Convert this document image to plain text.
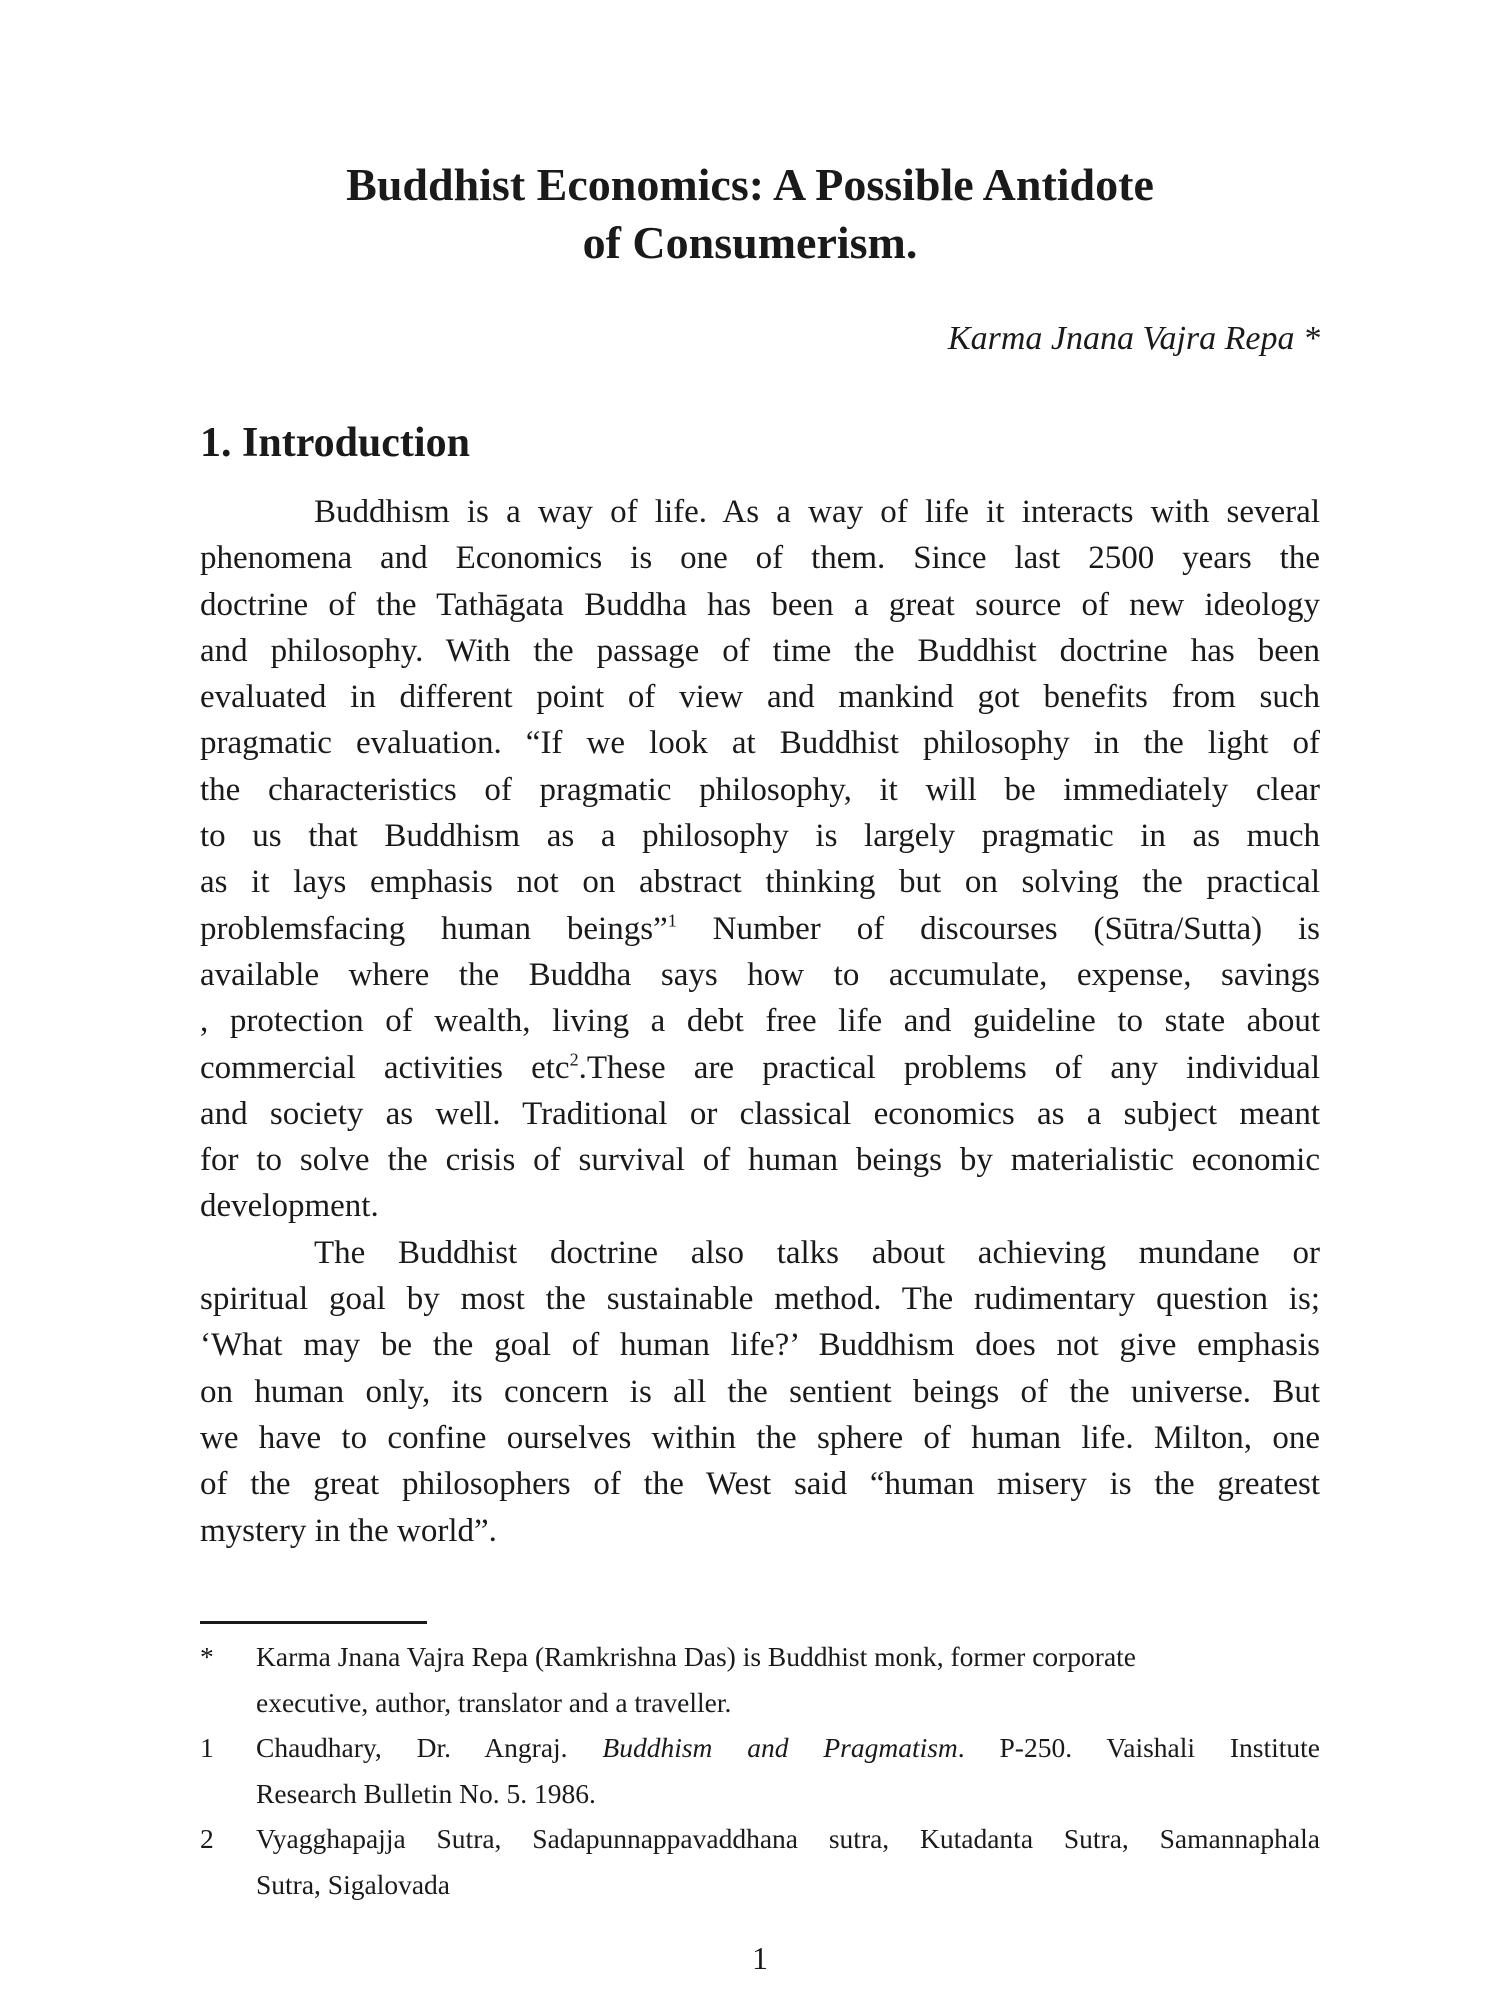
Buddhist Economics: A Possible Antidote
of Consumerism.
Karma Jnana Vajra Repa *
1. Introduction
Buddhism is a way of life. As a way of life it interacts with several
phenomena and Economics is one of them. Since last 2500 years the
doctrine of the Tathāgata Buddha has been a great source of new ideology
and philosophy. With the passage of time the Buddhist doctrine has been
evaluated in different point of view and mankind got benefits from such
pragmatic evaluation. “If we look at Buddhist philosophy in the light of
the characteristics of pragmatic philosophy, it will be immediately clear
to us that Buddhism as a philosophy is largely pragmatic in as much
as it lays emphasis not on abstract thinking but on solving the practical
problemsfacing human beings”$^1$ Number of discourses (Sūtra/Sutta) is
available where the Buddha says how to accumulate, expense, savings
, protection of wealth, living a debt free life and guideline to state about
commercial activities etc$^2$.These are practical problems of any individual
and society as well. Traditional or classical economics as a subject meant
for to solve the crisis of survival of human beings by materialistic economic
development.
The Buddhist doctrine also talks about achieving mundane or
spiritual goal by most the sustainable method. The rudimentary question is;
‘What may be the goal of human life?’ Buddhism does not give emphasis
on human only, its concern is all the sentient beings of the universe. But
we have to confine ourselves within the sphere of human life. Milton, one
of the great philosophers of the West said “human misery is the greatest
mystery in the world”.
*	Karma Jnana Vajra Repa (Ramkrishna Das) is Buddhist monk, former corporate
executive, author, translator and a traveller.
1	Chaudhary, Dr. Angraj. Buddhism and Pragmatism. P-250. Vaishali Institute
Research Bulletin No. 5. 1986.
2	Vyagghapajja Sutra, Sadapunnappavaddhana sutra, Kutadanta Sutra, Samannaphala
Sutra, Sigalovada
1
